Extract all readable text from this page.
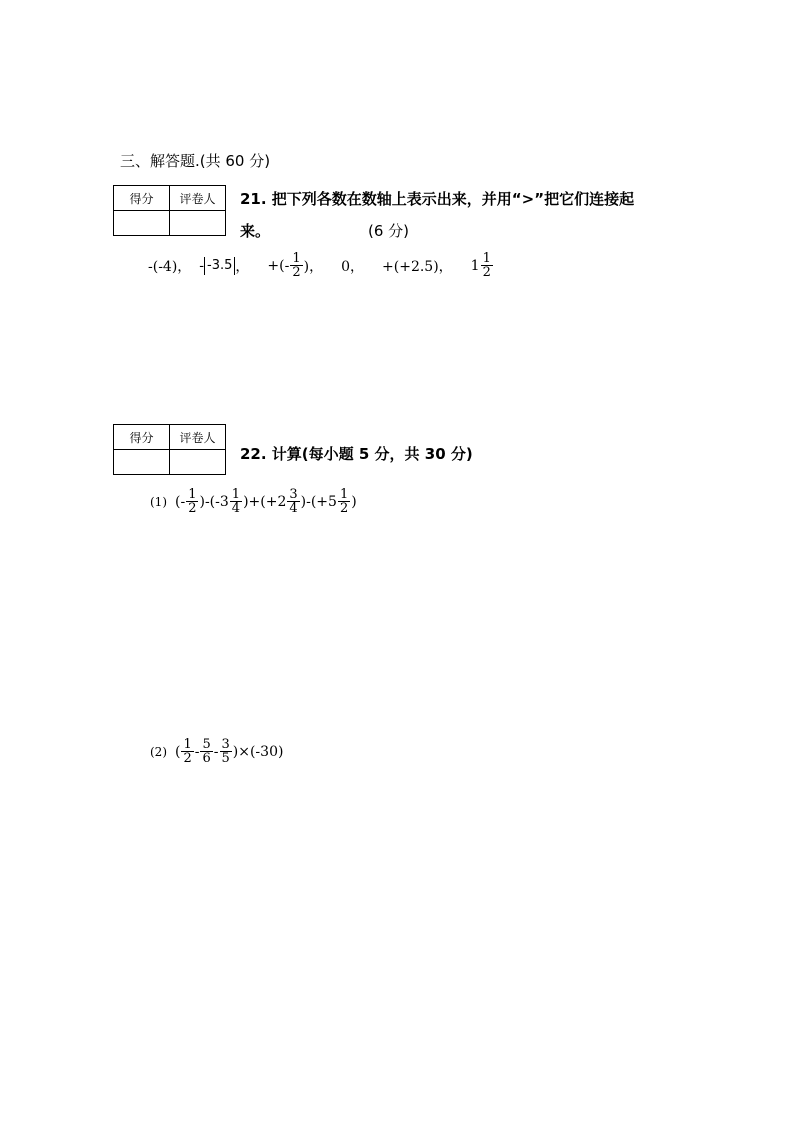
三、解答题.(共 60 分)
得分	评卷人
	21. 把下列各数在数轴上表示出来，并用“>”把它们连接起
来。	(6 分)
-(-4)， - -3.5 ， +(- $\frac{1}{2}$ )， 0， +(+2.5)， $1 \frac{1}{2}$
得分	评卷人

22. 计算(每小题 5 分，共 30 分)
(1) (- $\frac{1}{2} )-(-3 \frac{1}{4} )+(+2 \frac{3}{4} )-(+5 \frac{1}{2}$ )
(2) ( $\frac{1}{2} - \frac{5}{6} - \frac{3}{5} )\times(-30)$
